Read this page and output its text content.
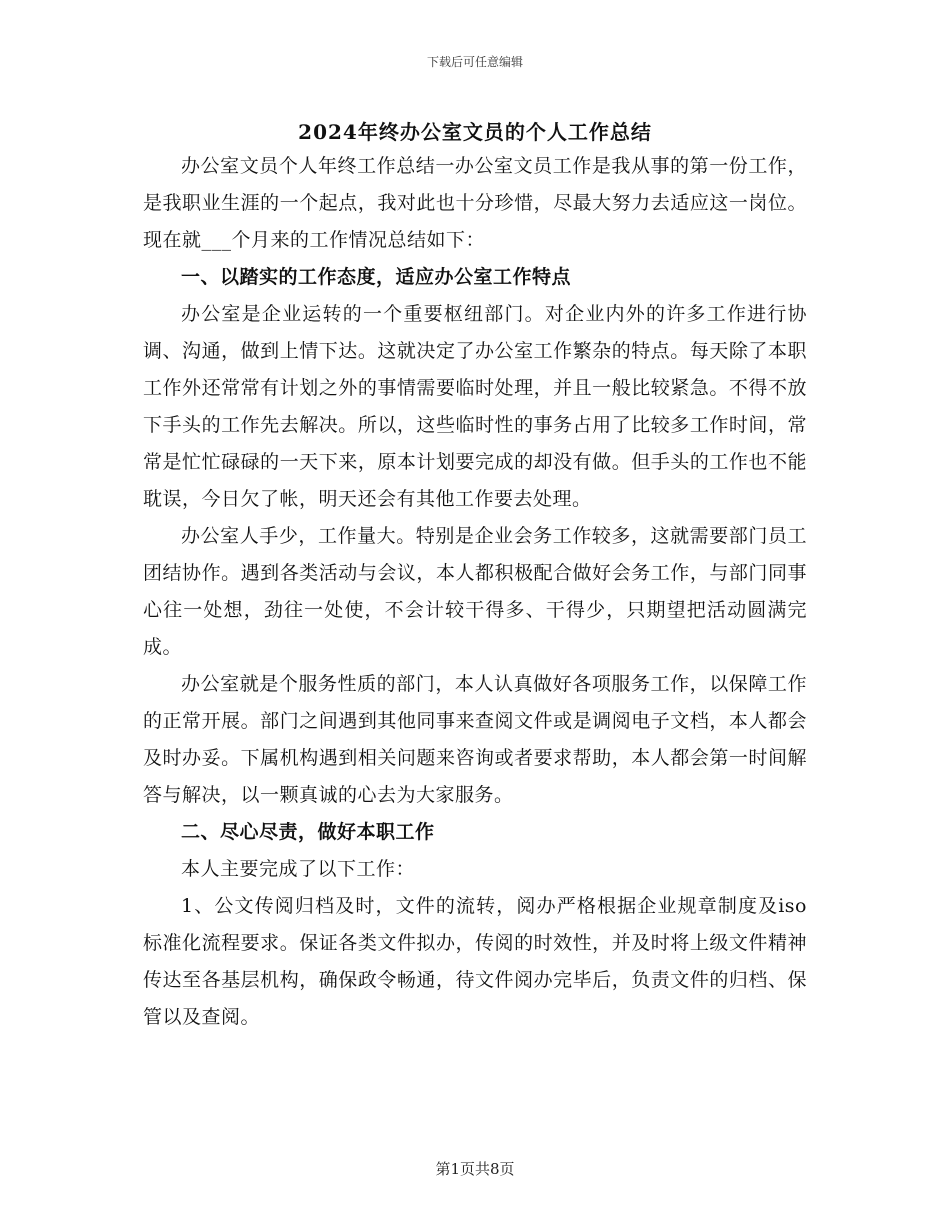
下载后可任意编辑
2024年终办公室文员的个人工作总结

办公室文员个人年终工作总结一办公室文员工作是我从事的第一份工作，是我职业生涯的一个起点，我对此也十分珍惜，尽最大努力去适应这一岗位。现在就___个月来的工作情况总结如下：

一、以踏实的工作态度，适应办公室工作特点

办公室是企业运转的一个重要枢纽部门。对企业内外的许多工作进行协调、沟通，做到上情下达。这就决定了办公室工作繁杂的特点。每天除了本职工作外还常常有计划之外的事情需要临时处理，并且一般比较紧急。不得不放下手头的工作先去解决。所以，这些临时性的事务占用了比较多工作时间，常常是忙忙碌碌的一天下来，原本计划要完成的却没有做。但手头的工作也不能耽误，今日欠了帐，明天还会有其他工作要去处理。

办公室人手少，工作量大。特别是企业会务工作较多，这就需要部门员工团结协作。遇到各类活动与会议，本人都积极配合做好会务工作，与部门同事心往一处想，劲往一处使，不会计较干得多、干得少，只期望把活动圆满完成。

办公室就是个服务性质的部门，本人认真做好各项服务工作，以保障工作的正常开展。部门之间遇到其他同事来查阅文件或是调阅电子文档，本人都会及时办妥。下属机构遇到相关问题来咨询或者要求帮助，本人都会第一时间解答与解决，以一颗真诚的心去为大家服务。

二、尽心尽责，做好本职工作

本人主要完成了以下工作：

1、公文传阅归档及时，文件的流转，阅办严格根据企业规章制度及iso标准化流程要求。保证各类文件拟办，传阅的时效性，并及时将上级文件精神传达至各基层机构，确保政令畅通，待文件阅办完毕后，负责文件的归档、保管以及查阅。

第1页共8页
